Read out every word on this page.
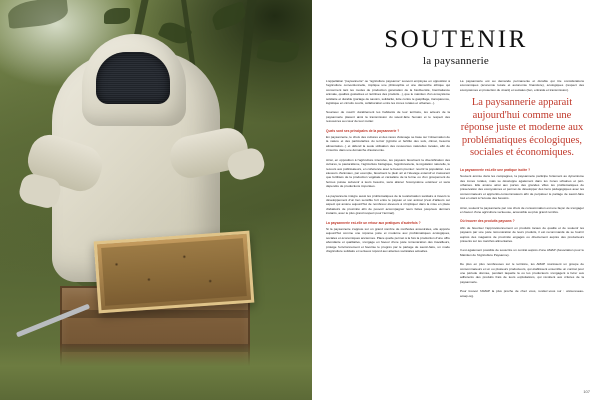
SOUTENIR
la paysannerie

L'appellation "paysannerie" ou "agriculture paysanne" souvent employée en opposition à l'agriculture conventionnelle, implique une philosophie et une démarche éthique qui concernent tant les modes de production génération de la biodiversité, bientraitance animale, qualités gustatives et nutritives des produits...), que le maintien d'un écosystème solidaire et durable (partage de savoirs, solidarité, lutte contre le gaspillage, transparence, logistique en circuits courts, collaboration entre les zones rurales et urbaines...).

Soucieux de nourrir durablement les habitants de leur territoire, les acteurs de la paysannerie placent ainsi la transmission du savoir-faire humain et le respect des ressources au cœur de leur métier.

Quels sont ses principales de la paysannerie ?

En paysannerie, le choix des cultures et des races d'élevage se base sur l'observation de la nature et des particularités du terroir (typicité et fertilité des sols, climat, besoins alimentaires...) et défend la seule utilisation des ressources naturelles locales, afin de s'inscrire dans une démarche d'autonomie.

Ainsi, en opposition à l'agriculture intensive, les paysans favorisent la diversification des cultures, le pastoralisme, l'agriculture biologique, l'agroforesterie, la régulation naturelle, le recours aux pollinisateurs, en cohérence avec le besoin premier: nourrir la population. Les éleveurs d'animaux, par exemple, favorisent le plein air et l'élevage extensif et s'assurent que fertilisés de la production végétale et céréalière de la ferme ou d'un groupement de fermes puisse subvenir à leurs besoins, sans aliéner l'écosystème extérieur et sans dépendre de productions importées.

La paysannerie intègre aussi les problématiques de la revalorisation sanitaire à travers le développement d'un lien sensible fort entre le paysan et son animal (c'est d'ailleurs cet aspect qui amène aujourd'hui de nombreux éleveurs à s'impliquer dans la mise en place d'abattoirs de proximité afin de pouvoir accompagner leurs bêtes jusqu'aux derniers instants, avec le plus grand respect pour l'animal).

La paysannerie est-elle un retour aux pratiques d'autrefois ?

Si la paysannerie s'appuie sur un grand nombre de méthodes ancestrales, elle apporte aujourd'hui comme une réponse juste et moderne aux problématiques écologiques, sociales et économiques anciennes. Place quelle permet à la fois la production d'une offre abondante et qualitative, s'engage en faveur d'une juste rémunération des travailleurs, protège l'environnement et favorise le progrès par le partage de savoir-faire, un mode d'agriculture solidaire et vertueux répond aux attentes sociétales actuelles.

La paysannerie est au demande permanente et durable qui tire considérations économiques (économie locale et autonomie financière), écologiques (respect des écosystèmes et protection du vivant) et sociales (lien, entraide et transmission).

La paysannerie apparait aujourd'hui comme une réponse juste et moderne aux problématiques écologiques, sociales et économiques.
La paysannerie est-elle une pratique isolée ?

Souvent ancrée dans les campagnes, la paysannerie participe fortement au dynamisme des zones rurales, mais se développe également dans les zones urbaines et péri-urbaines. Elle amène ainsi aux portes des grandes villes les problématiques de préservation des écosystèmes et permet de développer des liens pédagogiques avec les consommateurs et apprentis-consommateurs afin de perpétuer le partage de savoir-faire tout en étant à l'écoute des besoins.

Ainsi, soutenir la paysannerie par nos choix de consommation est une façon de s'engager en faveur d'une agriculture vertueuse, accessible au plus grand nombre.

Où trouver des produits paysans ?

Afin de favoriser l'approvisionnement en produits locaux de qualité et de soutenir les paysans par une juste rémunération de leurs produits, il est recommandé de se fournir auprès des magasins de proximité engagés ou directement auprès des producteurs présents sur les marchés alimentaires.

Il est également possible de souscrire un contrat auprès d'une AMAP (Association pour le Maintien de l'Agriculture Paysanne).

De plus en plus nombreuses sur le territoire, les AMAP réunissent un groupe de consommateurs et un ou plusieurs producteurs, qui établissent ensemble un contrat pour une période donnée, pendant laquelle la ou les producteurs s'engagent à livrer aux adhérents des produits frais de leurs exploitations, qui récoltent aux critères de la paysannerie.

Pour trouver l'AMAP la plus proche de chez vous, rendez-vous sur : www.reseau-amap.org.

107
